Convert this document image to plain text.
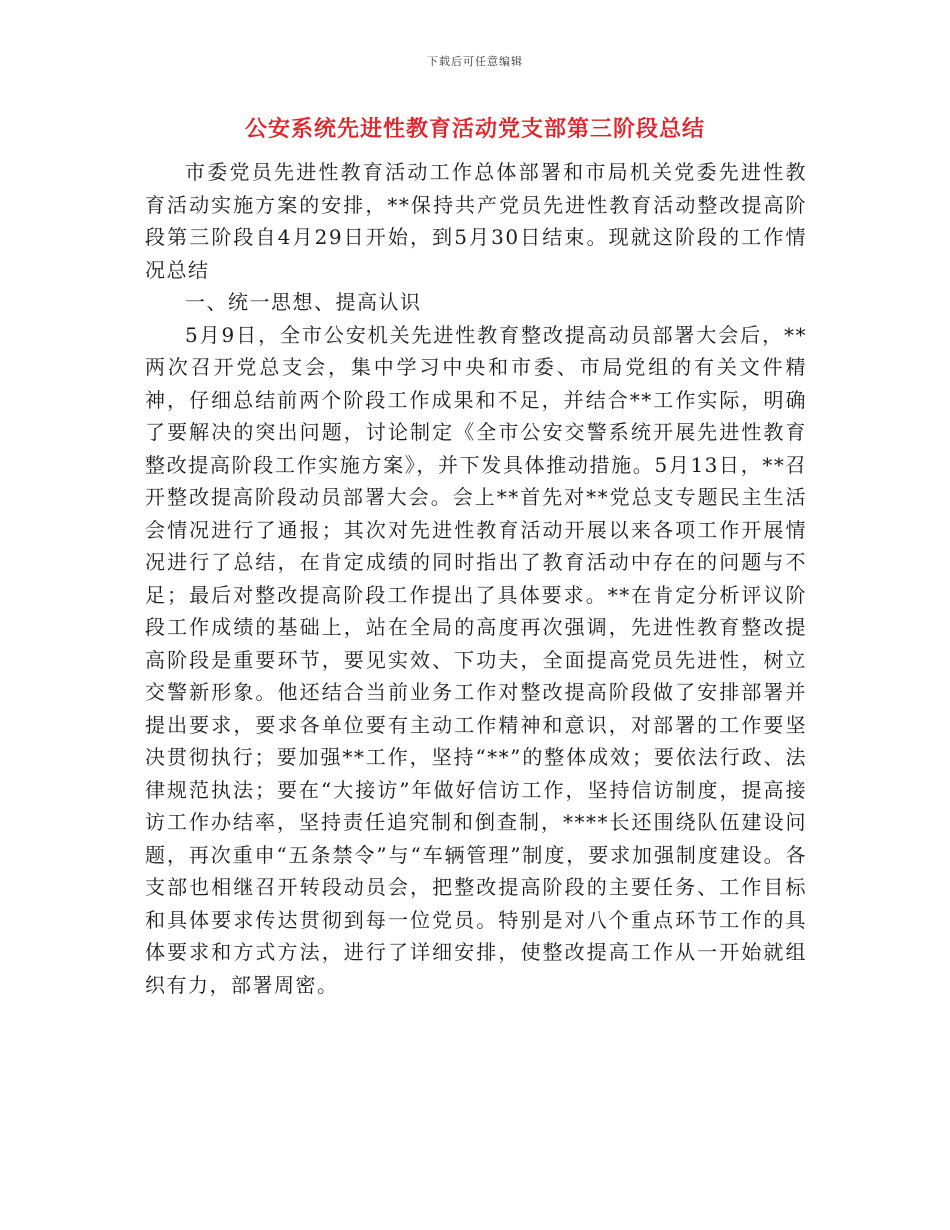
下载后可任意编辑
公安系统先进性教育活动党支部第三阶段总结

市委党员先进性教育活动工作总体部署和市局机关党委先进性教育活动实施方案的安排，**保持共产党员先进性教育活动整改提高阶段第三阶段自4月29日开始，到5月30日结束。现就这阶段的工作情况总结

一、统一思想、提高认识

5月9日，全市公安机关先进性教育整改提高动员部署大会后，**两次召开党总支会，集中学习中央和市委、市局党组的有关文件精神，仔细总结前两个阶段工作成果和不足，并结合**工作实际，明确了要解决的突出问题，讨论制定《全市公安交警系统开展先进性教育整改提高阶段工作实施方案》，并下发具体推动措施。5月13日，**召开整改提高阶段动员部署大会。会上**首先对**党总支专题民主生活会情况进行了通报；其次对先进性教育活动开展以来各项工作开展情况进行了总结，在肯定成绩的同时指出了教育活动中存在的问题与不足；最后对整改提高阶段工作提出了具体要求。**在肯定分析评议阶段工作成绩的基础上，站在全局的高度再次强调，先进性教育整改提高阶段是重要环节，要见实效、下功夫，全面提高党员先进性，树立交警新形象。他还结合当前业务工作对整改提高阶段做了安排部署并提出要求，要求各单位要有主动工作精神和意识，对部署的工作要坚决贯彻执行；要加强**工作，坚持“**”的整体成效；要依法行政、法律规范执法；要在“大接访”年做好信访工作，坚持信访制度，提高接访工作办结率，坚持责任追究制和倒查制，****长还围绕队伍建设问题，再次重申“五条禁令”与“车辆管理”制度，要求加强制度建设。各支部也相继召开转段动员会，把整改提高阶段的主要任务、工作目标和具体要求传达贯彻到每一位党员。特别是对八个重点环节工作的具体要求和方式方法，进行了详细安排，使整改提高工作从一开始就组织有力，部署周密。
